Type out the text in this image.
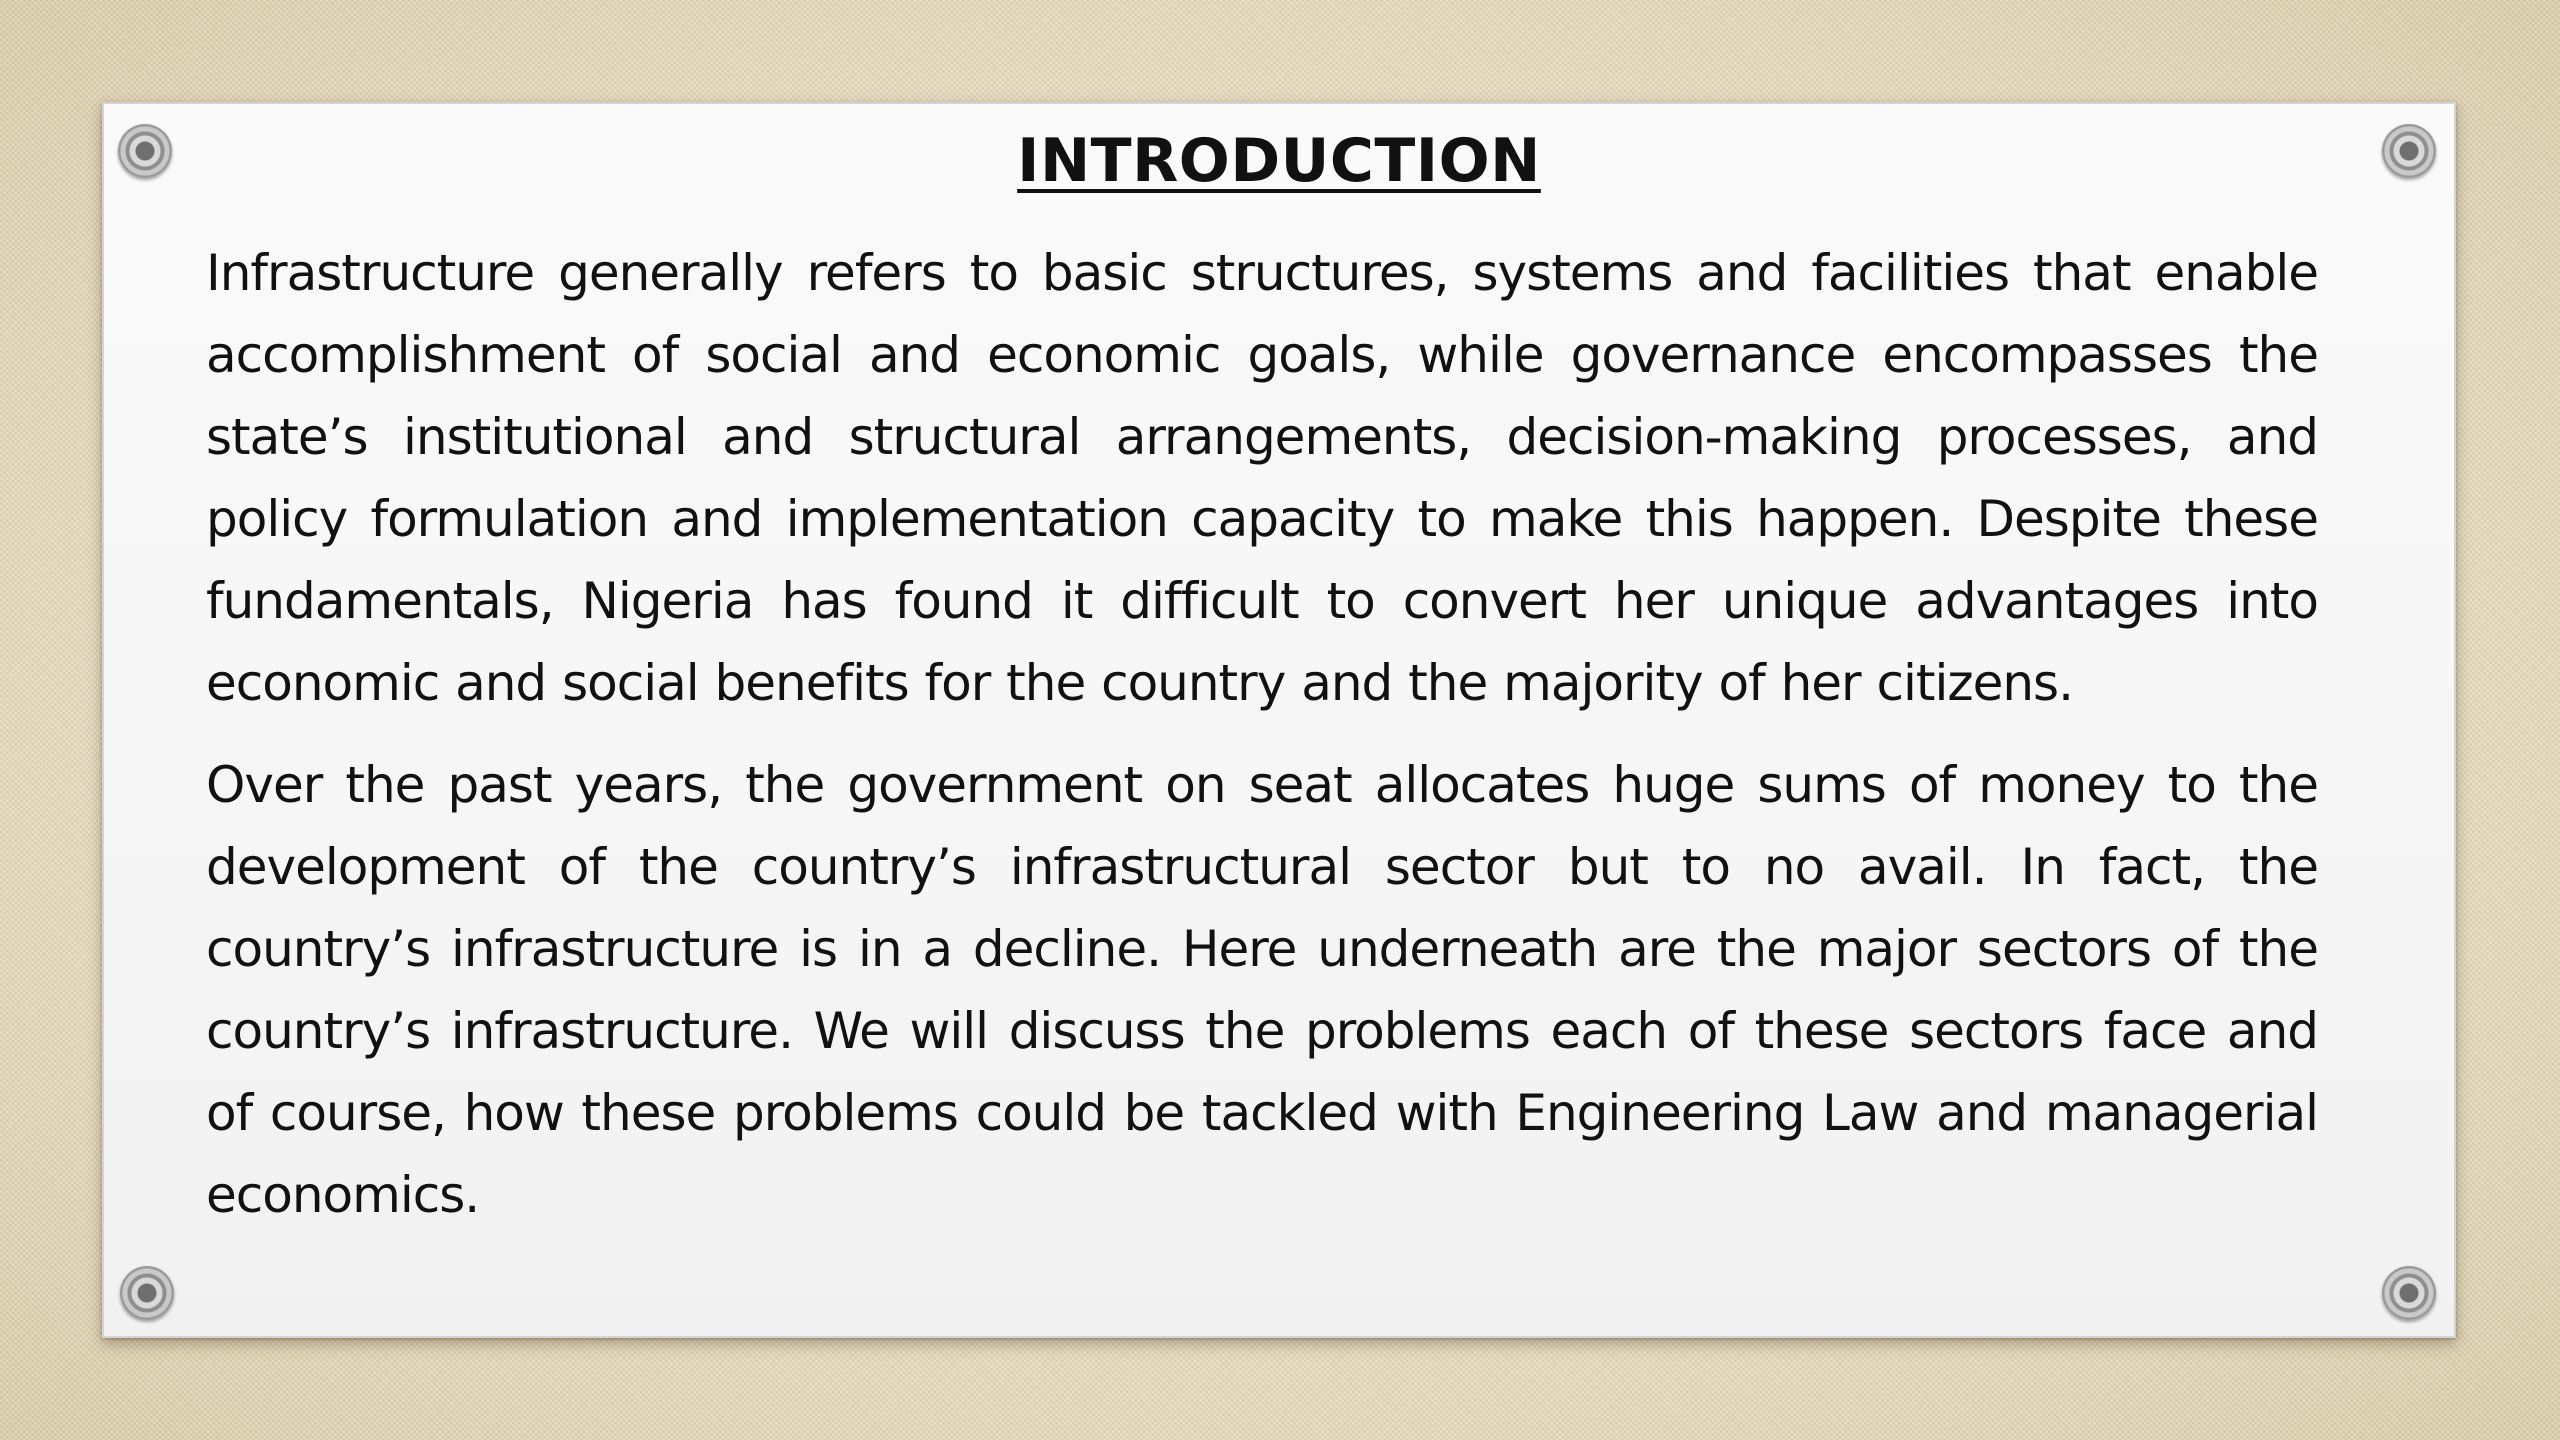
INTRODUCTION

Infrastructure generally refers to basic structures, systems and facilities that enable accomplishment of social and economic goals, while governance encompasses the state’s institutional and structural arrangements, decision-making processes, and policy formulation and implementation capacity to make this happen. Despite these fundamentals, Nigeria has found it difficult to convert her unique advantages into economic and social benefits for the country and the majority of her citizens.

Over the past years, the government on seat allocates huge sums of money to the development of the country’s infrastructural sector but to no avail. In fact, the country’s infrastructure is in a decline. Here underneath are the major sectors of the country’s infrastructure. We will discuss the problems each of these sectors face and of course, how these problems could be tackled with Engineering Law and managerial economics.
